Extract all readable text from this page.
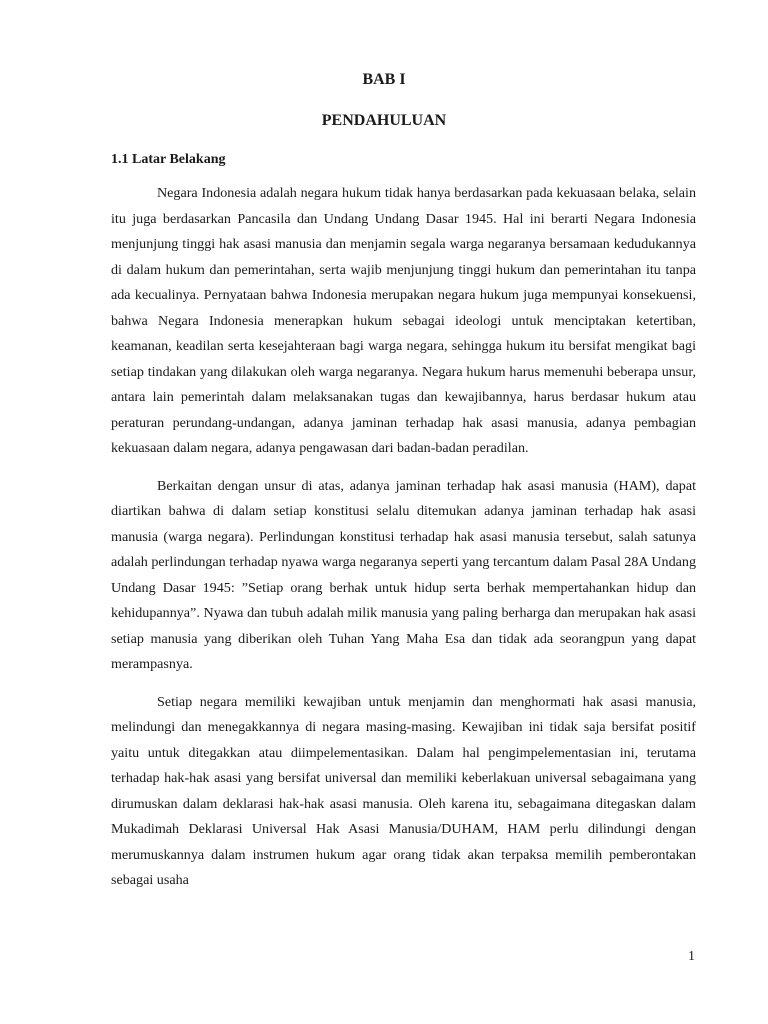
BAB I
PENDAHULUAN
1.1 Latar Belakang

Negara Indonesia adalah negara hukum tidak hanya berdasarkan pada kekuasaan belaka, selain itu juga berdasarkan Pancasila dan Undang Undang Dasar 1945. Hal ini berarti Negara Indonesia menjunjung tinggi hak asasi manusia dan menjamin segala warga negaranya bersamaan kedudukannya di dalam hukum dan pemerintahan, serta wajib menjunjung tinggi hukum dan pemerintahan itu tanpa ada kecualinya. Pernyataan bahwa Indonesia merupakan negara hukum juga mempunyai konsekuensi, bahwa Negara Indonesia menerapkan hukum sebagai ideologi untuk menciptakan ketertiban, keamanan, keadilan serta kesejahteraan bagi warga negara, sehingga hukum itu bersifat mengikat bagi setiap tindakan yang dilakukan oleh warga negaranya. Negara hukum harus memenuhi beberapa unsur, antara lain pemerintah dalam melaksanakan tugas dan kewajibannya, harus berdasar hukum atau peraturan perundang-undangan, adanya jaminan terhadap hak asasi manusia, adanya pembagian kekuasaan dalam negara, adanya pengawasan dari badan-badan peradilan.

Berkaitan dengan unsur di atas, adanya jaminan terhadap hak asasi manusia (HAM), dapat diartikan bahwa di dalam setiap konstitusi selalu ditemukan adanya jaminan terhadap hak asasi manusia (warga negara). Perlindungan konstitusi terhadap hak asasi manusia tersebut, salah satunya adalah perlindungan terhadap nyawa warga negaranya seperti yang tercantum dalam Pasal 28A Undang Undang Dasar 1945: ”Setiap orang berhak untuk hidup serta berhak mempertahankan hidup dan kehidupannya”. Nyawa dan tubuh adalah milik manusia yang paling berharga dan merupakan hak asasi setiap manusia yang diberikan oleh Tuhan Yang Maha Esa dan tidak ada seorangpun yang dapat merampasnya.

Setiap negara memiliki kewajiban untuk menjamin dan menghormati hak asasi manusia, melindungi dan menegakkannya di negara masing-masing. Kewajiban ini tidak saja bersifat positif yaitu untuk ditegakkan atau diimpelementasikan. Dalam hal pengimpelementasian ini, terutama terhadap hak-hak asasi yang bersifat universal dan memiliki keberlakuan universal sebagaimana yang dirumuskan dalam deklarasi hak-hak asasi manusia. Oleh karena itu, sebagaimana ditegaskan dalam Mukadimah Deklarasi Universal Hak Asasi Manusia/DUHAM, HAM perlu dilindungi dengan merumuskannya dalam instrumen hukum agar orang tidak akan terpaksa memilih pemberontakan sebagai usaha

1
